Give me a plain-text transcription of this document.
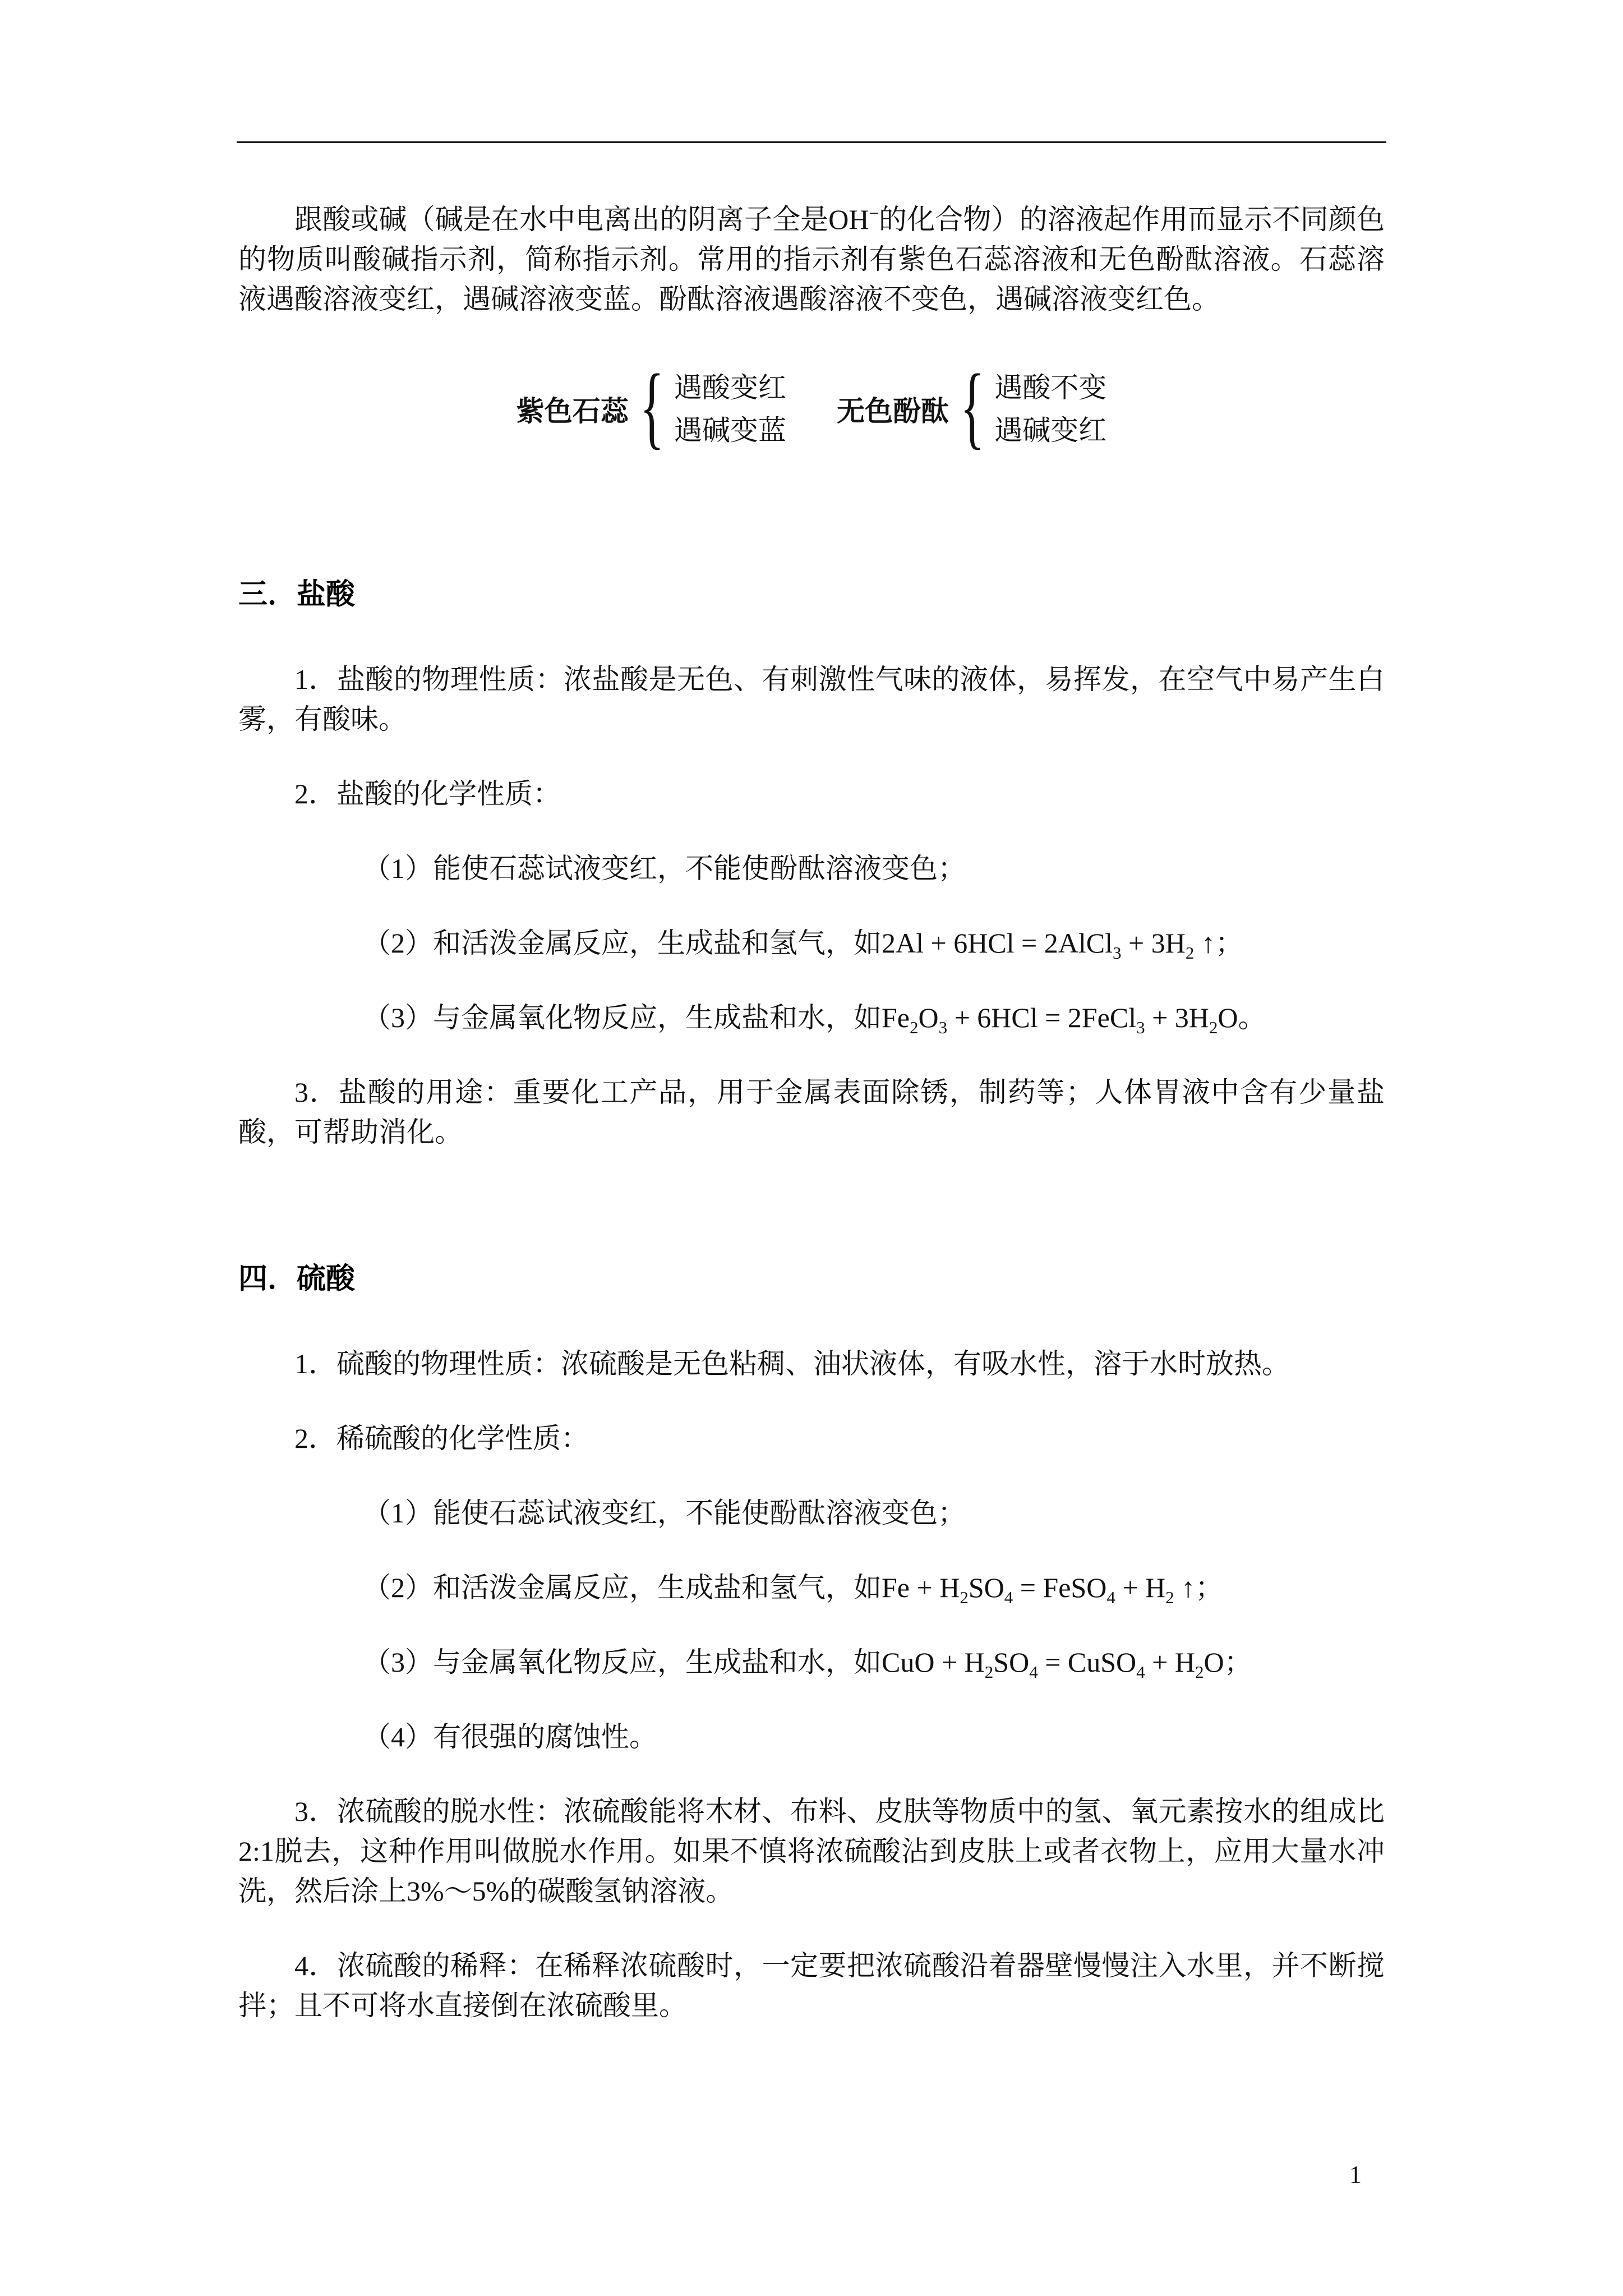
跟酸或碱（碱是在水中电离出的阴离子全是OH−的化合物）的溶液起作用而显示不同颜色的物质叫酸碱指示剂，简称指示剂。常用的指示剂有紫色石蕊溶液和无色酚酞溶液。石蕊溶液遇酸溶液变红，遇碱溶液变蓝。酚酞溶液遇酸溶液不变色，遇碱溶液变红色。

紫色石蕊 { 遇酸变红
遇碱变蓝
无色酚酞 { 遇酸不变
遇碱变红
三．盐酸

1．盐酸的物理性质：浓盐酸是无色、有刺激性气味的液体，易挥发，在空气中易产生白雾，有酸味。

2．盐酸的化学性质：

（1）能使石蕊试液变红，不能使酚酞溶液变色；

（2）和活泼金属反应，生成盐和氢气，如2Al + 6HCl = 2AlCl$_3$ + $3H_2$ ↑；

（3）与金属氧化物反应，生成盐和水，如$Fe_2O_3 + 6HCl$ = 2FeCl$_3$ + $3H_2O$。

3．盐酸的用途：重要化工产品，用于金属表面除锈，制药等；人体胃液中含有少量盐酸，可帮助消化。

四．硫酸

1．硫酸的物理性质：浓硫酸是无色粘稠、油状液体，有吸水性，溶于水时放热。

2．稀硫酸的化学性质：

（1）能使石蕊试液变红，不能使酚酞溶液变色；

（2）和活泼金属反应，生成盐和氢气，如$Fe + H_2SO_4$ = FeSO$_4$ + $H_2$ ↑；

（3）与金属氧化物反应，生成盐和水，如CuO + $H_2SO_4$ = CuSO$_4$ + $H_2O$；

（4）有很强的腐蚀性。

3．浓硫酸的脱水性：浓硫酸能将木材、布料、皮肤等物质中的氢、氧元素按水的组成比2:1脱去，这种作用叫做脱水作用。如果不慎将浓硫酸沾到皮肤上或者衣物上，应用大量水冲洗，然后涂上3%～5%的碳酸氢钠溶液。

4．浓硫酸的稀释：在稀释浓硫酸时，一定要把浓硫酸沿着器壁慢慢注入水里，并不断搅拌；且不可将水直接倒在浓硫酸里。

1
